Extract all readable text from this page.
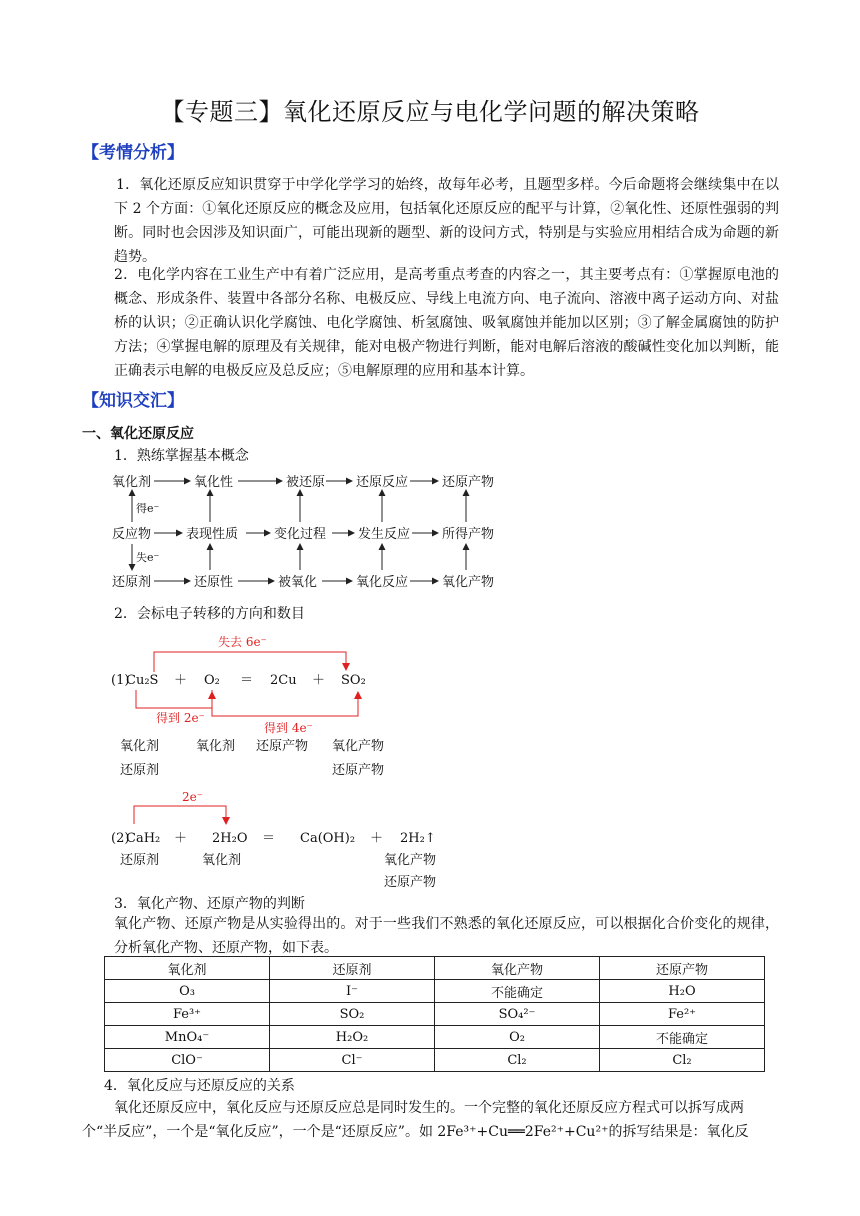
【专题三】氧化还原反应与电化学问题的解决策略
【考情分析】
1．氧化还原反应知识贯穿于中学化学学习的始终，故每年必考，且题型多样。今后命题将会继续集中在以下 2 个方面：①氧化还原反应的概念及应用，包括氧化还原反应的配平与计算，②氧化性、还原性强弱的判断。同时也会因涉及知识面广，可能出现新的题型、新的设问方式，特别是与实验应用相结合成为命题的新趋势。
2．电化学内容在工业生产中有着广泛应用，是高考重点考查的内容之一，其主要考点有：①掌握原电池的概念、形成条件、装置中各部分名称、电极反应、导线上电流方向、电子流向、溶液中离子运动方向、对盐桥的认识；②正确认识化学腐蚀、电化学腐蚀、析氢腐蚀、吸氧腐蚀并能加以区别；③了解金属腐蚀的防护方法；④掌握电解的原理及有关规律，能对电极产物进行判断，能对电解后溶液的酸碱性变化加以判断，能正确表示电解的电极反应及总反应；⑤电解原理的应用和基本计算。
【知识交汇】
一、氧化还原反应
1．熟练掌握基本概念
氧化剂	氧化性	被还原 还原反应	还原产物
反应物	表现性质	变化过程 发生反应 所得产物
还原剂	还原性	被氧化	氧化反应	氧化产物
得e⁻
失e⁻
2．会标电子转移的方向和数目
(1)
Cu₂S ＋ O₂ ＝ 2Cu ＋ SO₂
失去 6e⁻
得到 2e⁻
得到 4e⁻
氧化剂	氧化剂 还原产物 氧化产物
还原剂	还原产物
2e⁻
(2)
CaH₂ ＋ 2H₂O ＝ Ca(OH)₂ ＋ 2H₂↑
还原剂	氧化剂	氧化产物
还原产物
3．氧化产物、还原产物的判断
氧化产物、还原产物是从实验得出的。对于一些我们不熟悉的氧化还原反应，可以根据化合价变化的规律，分析氧化产物、还原产物，如下表。
氧化剂	还原剂	氧化产物	还原产物
O₃	I⁻	不能确定	H₂O
Fe³⁺	SO₂	SO₄²⁻	Fe²⁺
MnO₄⁻	H₂O₂	O₂	不能确定
ClO⁻	Cl⁻	Cl₂	Cl₂
4．氧化反应与还原反应的关系
氧化还原反应中，氧化反应与还原反应总是同时发生的。一个完整的氧化还原反应方程式可以拆写成两个“半反应”，一个是“氧化反应”，一个是“还原反应”。如 2Fe³⁺+Cu══2Fe²⁺+Cu²⁺的拆写结果是：氧化反
